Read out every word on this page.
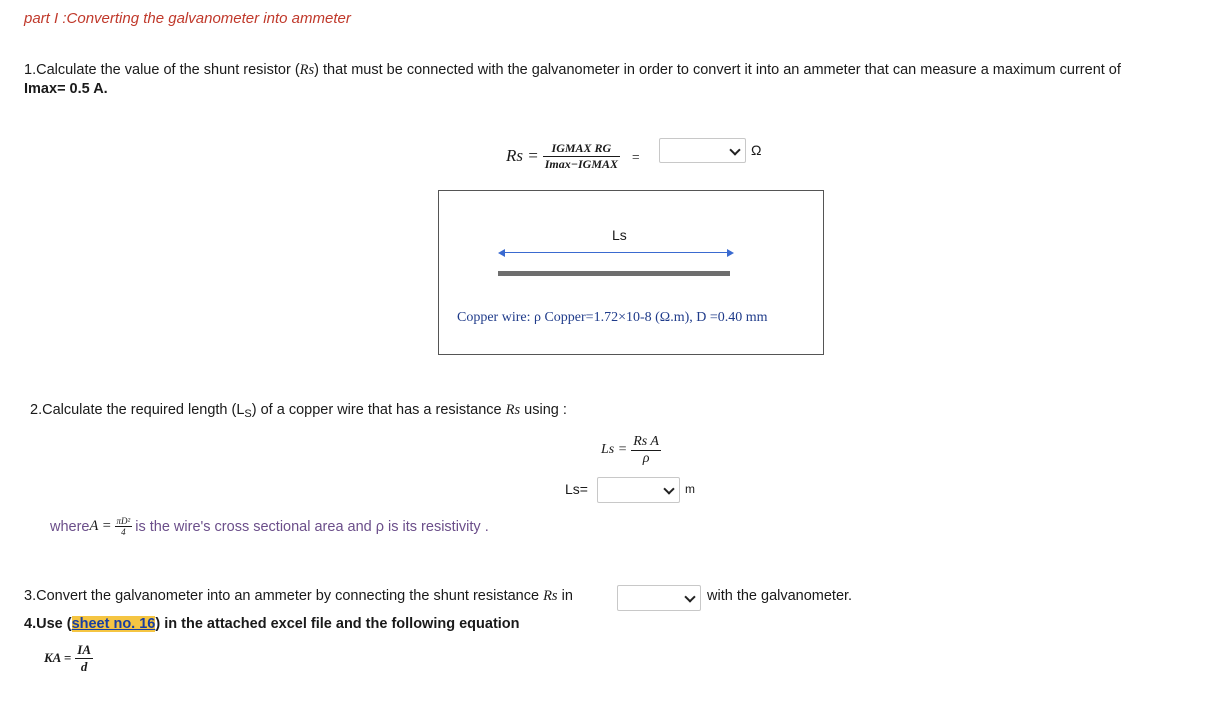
part I :Converting the galvanometer into ammeter
1.Calculate the value of the shunt resistor (Rs) that must be connected with the galvanometer in order to convert it into an ammeter that can measure a maximum current of
Imax= 0.5 A.
$Rs = \frac{\text{IGMAX RG}}{\text{Imax−IGMAX}}$ =	Ω
Ls
Copper wire: ρ Copper=1.72×10-8 (Ω.m), D =0.40 mm
2.Calculate the required length $(L_S)$ of a copper wire that has a resistance Rs using :
$Ls = \frac{\text{Rs A}}{\rho}$
Ls=	m
where $A = \frac{\text{πD²}}{4}$ is the wire's cross sectional area and ρ is its resistivity .
3.Convert the galvanometer into an ammeter by connecting the shunt resistance Rs in	with the galvanometer.
4.Use (sheet no. 16) in the attached excel file and the following equation
KA = $\frac{IA}{d}$
